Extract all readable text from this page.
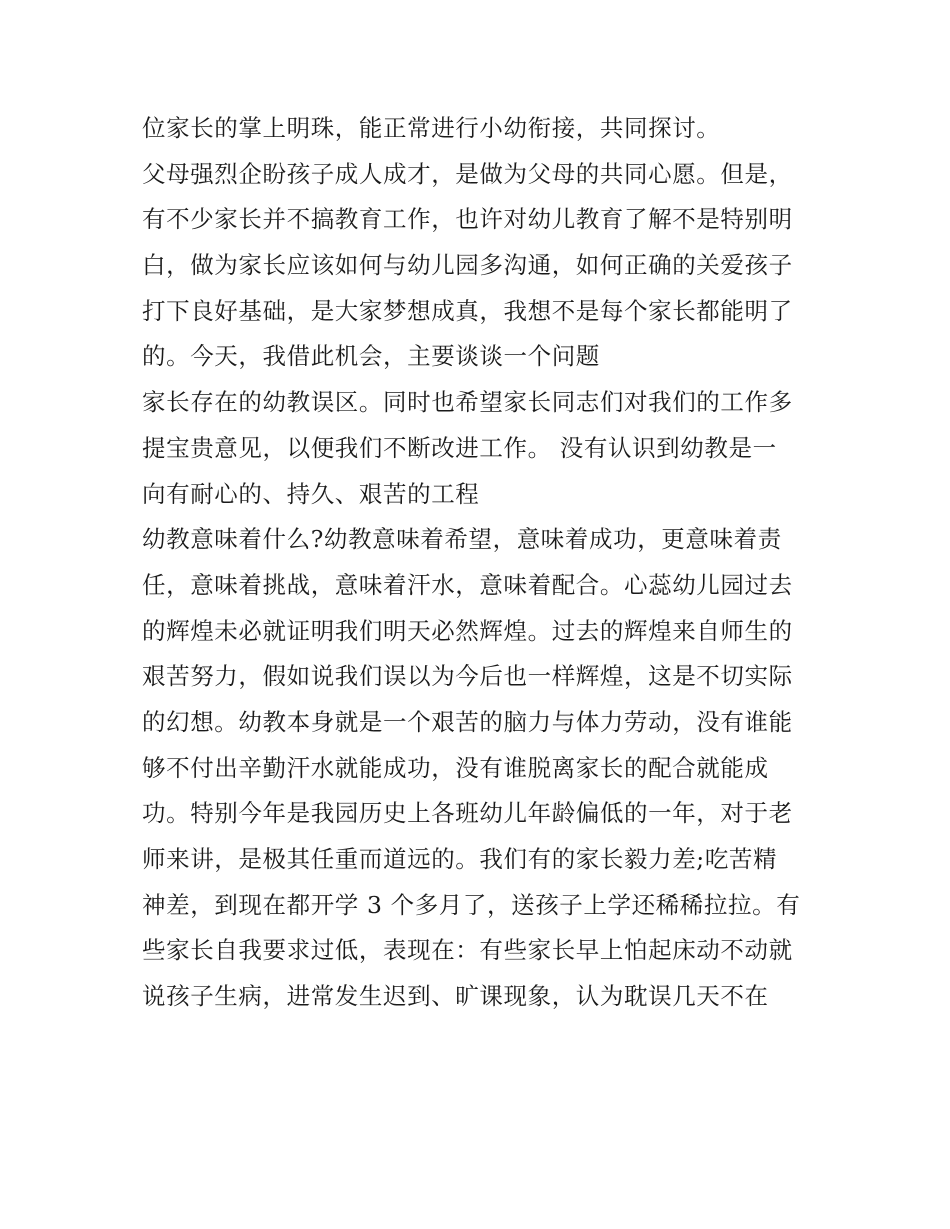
位家长的掌上明珠，能正常进行小幼衔接，共同探讨。
父母强烈企盼孩子成人成才，是做为父母的共同心愿。但是，
有不少家长并不搞教育工作，也许对幼儿教育了解不是特别明
白，做为家长应该如何与幼儿园多沟通，如何正确的关爱孩子
打下良好基础，是大家梦想成真，我想不是每个家长都能明了
的。今天，我借此机会，主要谈谈一个问题
家长存在的幼教误区。同时也希望家长同志们对我们的工作多
提宝贵意见，以便我们不断改进工作。 没有认识到幼教是一
向有耐心的、持久、艰苦的工程
幼教意味着什么?幼教意味着希望，意味着成功，更意味着责
任，意味着挑战，意味着汗水，意味着配合。心蕊幼儿园过去
的辉煌未必就证明我们明天必然辉煌。过去的辉煌来自师生的
艰苦努力，假如说我们误以为今后也一样辉煌，这是不切实际
的幻想。幼教本身就是一个艰苦的脑力与体力劳动，没有谁能
够不付出辛勤汗水就能成功，没有谁脱离家长的配合就能成
功。特别今年是我园历史上各班幼儿年龄偏低的一年，对于老
师来讲，是极其任重而道远的。我们有的家长毅力差;吃苦精
神差，到现在都开学 3 个多月了，送孩子上学还稀稀拉拉。有
些家长自我要求过低，表现在：有些家长早上怕起床动不动就
说孩子生病，进常发生迟到、旷课现象，认为耽误几天不在
